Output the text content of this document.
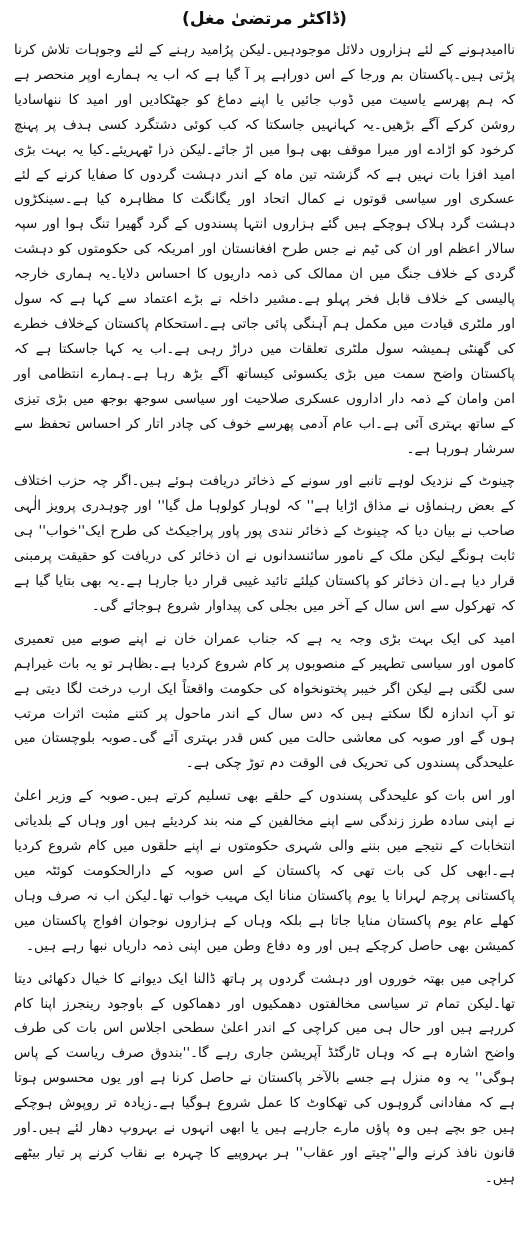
(ڈاکٹر مرتضیٰ مغل)

ناامیدہونے کے لئے ہزاروں دلائل موجودہیں۔لیکن پرُامید رہنے کے لئے وجوہات تلاش کرنا پڑتی ہیں۔پاکستان بم ورجا کے اس دوراہے پر آ گیا ہے کہ اب یہ ہمارے اوپر منحصر ہے کہ ہم پھرسے یاسیت میں ڈوب جائیں یا اپنے دماغ کو جھٹکادیں اور امید کا ننھاسادیا روشن کرکے آگے بڑھیں۔یہ کہانہیں جاسکتا کہ کب کوئی دشتگرد کسی ہدف پر پہنچ کرخود کو اڑادے اور میرا موقف بھی ہوا میں اڑ جائے۔لیکن ذرا ٹھہریئے۔کیا یہ بہت بڑی امید افزا بات نہیں ہے کہ گزشتہ تین ماہ کے اندر دہشت گردوں کا صفایا کرنے کے لئے عسکری اور سیاسی قوتوں نے کمال اتحاد اور یگانگت کا مظاہرہ کیا ہے۔سینکڑوں دہشت گرد ہلاک ہوچکے ہیں گئے ہزاروں انتہا پسندوں کے گرد گھیرا تنگ ہوا اور سپہ سالار اعظم اور ان کی ٹیم نے جس طرح افغانستان اور امریکہ کی حکومتوں کو دہشت گردی کے خلاف جنگ میں ان ممالک کی ذمہ داریوں کا احساس دلایا۔یہ ہماری خارجہ پالیسی کے خلاف قابل فخر پہلو ہے۔مشیر داخلہ نے بڑے اعتماد سے کہا ہے کہ سول اور ملٹری قیادت میں مکمل ہم آہنگی پائی جاتی ہے۔استحکام پاکستان کےخلاف خطرے کی گھنٹی ہمیشہ سول ملٹری تعلقات میں دراڑ رہی ہے۔اب یہ کہا جاسکتا ہے کہ پاکستان واضح سمت میں بڑی یکسوئی کیساتھ آگے بڑھ رہا ہے۔ہمارے انتظامی اور امن وامان کے ذمہ دار اداروں عسکری صلاحیت اور سیاسی سوجھ بوجھ میں بڑی تیزی کے ساتھ بہتری آئی ہے۔اب عام آدمی پھرسے خوف کی چادر اتار کر احساس تحفظ سے سرشار ہورہا ہے۔

چینوٹ کے نزدیک لوہے تانبے اور سونے کے ذخائر دریافت ہوئے ہیں۔اگر چہ حزب اختلاف کے بعض رہنماؤں نے مذاق اڑایا ہے'' کہ لوہار کولوہا مل گیا'' اور چوہدری پرویز الٰہی صاحب نے بیان دیا کہ چینوٹ کے ذخائر نندی پور پاور پراجیکٹ کی طرح ایک''خواب'' ہی ثابت ہونگے لیکن ملک کے نامور سائنسدانوں نے ان ذخائر کی دریافت کو حقیقت پرمبنی قرار دیا ہے۔ان ذخائر کو پاکستان کیلئے تائید غیبی قرار دیا جارہا ہے۔یہ بھی بتایا گیا ہے کہ تھرکول سے اس سال کے آخر میں بجلی کی پیداوار شروع ہوجائے گی۔

امید کی ایک بہت بڑی وجہ یہ ہے کہ جناب عمران خان نے اپنے صوبے میں تعمیری کاموں اور سیاسی تطہیر کے منصوبوں پر کام شروع کردیا ہے۔بظاہر تو یہ بات غیراہم سی لگتی ہے لیکن اگر خیبر پختونخواہ کی حکومت واقعتاً ایک ارب درخت لگا دیتی ہے تو آپ اندازہ لگا سکتے ہیں کہ دس سال کے اندر ماحول پر کتنے مثبت اثرات مرتب ہوں گے اور صوبہ کی معاشی حالت میں کس قدر بہتری آئے گی۔صوبہ بلوچستان میں علیحدگی پسندوں کی تحریک فی الوقت دم توڑ چکی ہے۔

اور اس بات کو علیحدگی پسندوں کے حلقے بھی تسلیم کرتے ہیں۔صوبہ کے وزیر اعلیٰ نے اپنی سادہ طرز زندگی سے اپنے مخالفین کے منہ بند کردیئے ہیں اور وہاں کے بلدیاتی انتخابات کے نتیجے میں بننے والی شہری حکومتوں نے اپنے حلقوں میں کام شروع کردیا ہے۔ابھی کل کی بات تھی کہ پاکستان کے اس صوبہ کے دارالحکومت کوئٹہ میں پاکستانی پرچم لہرانا یا یوم پاکستان منانا ایک مہیب خواب تھا۔لیکن اب نہ صرف وہاں کھلے عام یوم پاکستان منایا جاتا ہے بلکہ وہاں کے ہزاروں نوجوان افواج پاکستان میں کمیشن بھی حاصل کرچکے ہیں اور وہ دفاع وطن میں اپنی ذمہ داریاں نبھا رہے ہیں۔

کراچی میں بھتہ خوروں اور دہشت گردوں پر ہاتھ ڈالنا ایک دیوانے کا خیال دکھائی دیتا تھا۔لیکن تمام تر سیاسی مخالفتوں دھمکیوں اور دھماکوں کے باوجود رینجرز اپنا کام کررہے ہیں اور حال ہی میں کراچی کے اندر اعلیٰ سطحی اجلاس اس بات کی طرف واضح اشارہ ہے کہ وہاں ٹارگٹڈ آپریشن جاری رہے گا۔''بندوق صرف ریاست کے پاس ہوگی'' یہ وہ منزل ہے جسے بالآخر پاکستان نے حاصل کرنا ہے اور یوں محسوس ہوتا ہے کہ مفادانی گروہوں کی تھکاوٹ کا عمل شروع ہوگیا ہے۔زیادہ تر روپوش ہوچکے ہیں جو بچے ہیں وہ پاؤں مارے جارہے ہیں یا ابھی انہوں نے بہروپ دھار لئے ہیں۔اور قانون نافذ کرنے والے''چیتے اور عقاب'' ہر بہروپیے کا چہرہ بے نقاب کرنے پر تیار بیٹھے ہیں۔
